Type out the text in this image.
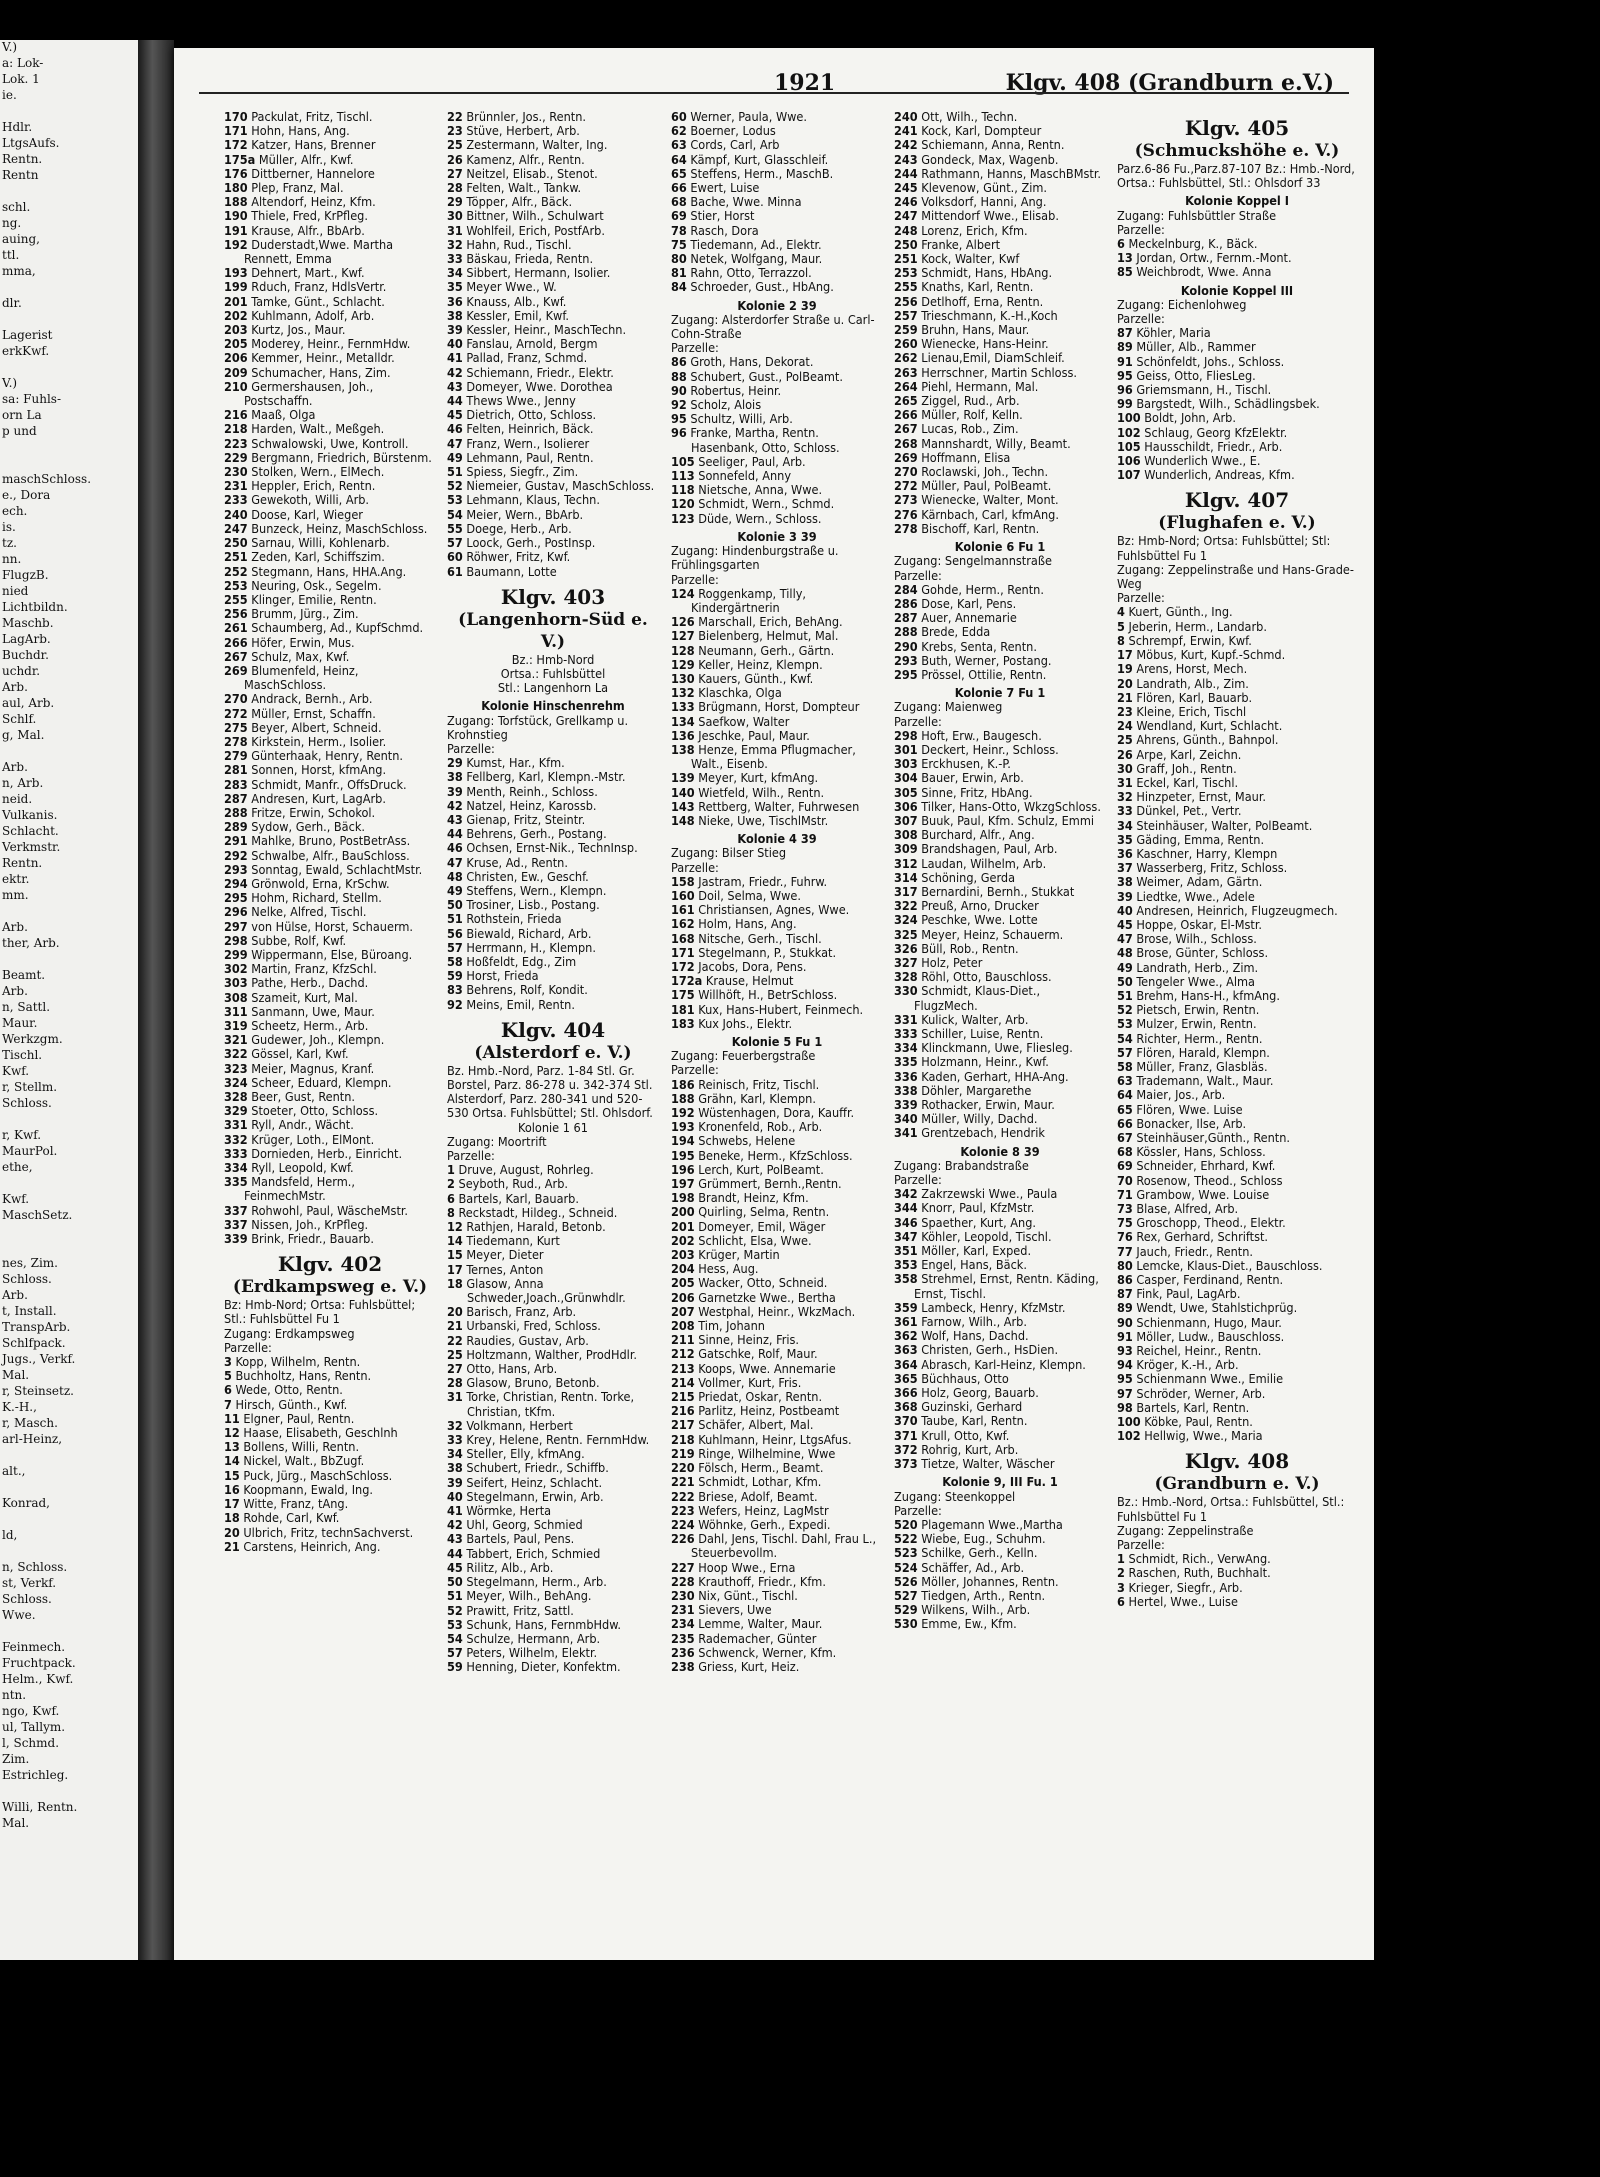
V.)
a: Lok-
Lok. 1
ie.
Hdlr.
LtgsAufs.
Rentn.
Rentn
schl.
ng.
auing,
ttl.
mma,
dlr.
Lagerist
erkKwf.
V.)
sa: Fuhls-
orn La
p und
maschSchloss.
e., Dora
ech.
is.
tz.
nn.
FlugzB.
nied
Lichtbildn.
Maschb.
LagArb.
Buchdr.
uchdr.
Arb.
aul, Arb.
Schlf.
g, Mal.
Arb.
n, Arb.
neid.
Vulkanis.
Schlacht.
Verkmstr.
Rentn.
ektr.
mm.
Arb.
ther, Arb.
Beamt.
Arb.
n, Sattl.
Maur.
Werkzgm.
Tischl.
Kwf.
r, Stellm.
Schloss.
r, Kwf.
MaurPol.
ethe,
Kwf.
MaschSetz.
nes, Zim.
Schloss.
Arb.
t, Install.
TranspArb.
Schlfpack.
Jugs., Verkf.
Mal.
r, Steinsetz.
K.-H.,
r, Masch.
arl-Heinz,
alt.,
Konrad,
ld,
n, Schloss.
st, Verkf.
Schloss.
Wwe.
Feinmech.
Fruchtpack.
Helm., Kwf.
ntn.
ngo, Kwf.
ul, Tallym.
l, Schmd.
Zim.
Estrichleg.
Willi, Rentn.
Mal.
1921	Klgv. 408 (Grandburn e.V.)
170 Packulat, Fritz, Tischl.
171 Hohn, Hans, Ang.
172 Katzer, Hans, Brenner
175a Müller, Alfr., Kwf.
176 Dittberner, Hannelore
180 Plep, Franz, Mal.
188 Altendorf, Heinz, Kfm.
190 Thiele, Fred, KrPfleg.
191 Krause, Alfr., BbArb.
192 Duderstadt,Wwe. Martha Rennett, Emma
193 Dehnert, Mart., Kwf.
199 Rduch, Franz, HdlsVertr.
201 Tamke, Günt., Schlacht.
202 Kuhlmann, Adolf, Arb.
203 Kurtz, Jos., Maur.
205 Moderey, Heinr., FernmHdw.
206 Kemmer, Heinr., Metalldr.
209 Schumacher, Hans, Zim.
210 Germershausen, Joh., Postschaffn.
216 Maaß, Olga
218 Harden, Walt., Meßgeh.
223 Schwalowski, Uwe, Kontroll.
229 Bergmann, Friedrich, Bürstenm.
230 Stolken, Wern., ElMech.
231 Heppler, Erich, Rentn.
233 Gewekoth, Willi, Arb.
240 Doose, Karl, Wieger
247 Bunzeck, Heinz, MaschSchloss.
250 Sarnau, Willi, Kohlenarb.
251 Zeden, Karl, Schiffszim.
252 Stegmann, Hans, HHA.Ang.
253 Neuring, Osk., Segelm.
255 Klinger, Emilie, Rentn.
256 Brumm, Jürg., Zim.
261 Schaumberg, Ad., KupfSchmd.
266 Höfer, Erwin, Mus.
267 Schulz, Max, Kwf.
269 Blumenfeld, Heinz, MaschSchloss.
270 Andrack, Bernh., Arb.
272 Müller, Ernst, Schaffn.
275 Beyer, Albert, Schneid.
278 Kirkstein, Herm., Isolier.
279 Günterhaak, Henry, Rentn.
281 Sonnen, Horst, kfmAng.
283 Schmidt, Manfr., OffsDruck.
287 Andresen, Kurt, LagArb.
288 Fritze, Erwin, Schokol.
289 Sydow, Gerh., Bäck.
291 Mahlke, Bruno, PostBetrAss.
292 Schwalbe, Alfr., BauSchloss.
293 Sonntag, Ewald, SchlachtMstr.
294 Grönwold, Erna, KrSchw.
295 Hohm, Richard, Stellm.
296 Nelke, Alfred, Tischl.
297 von Hülse, Horst, Schauerm.
298 Subbe, Rolf, Kwf.
299 Wippermann, Else, Büroang.
302 Martin, Franz, KfzSchl.
303 Pathe, Herb., Dachd.
308 Szameit, Kurt, Mal.
311 Sanmann, Uwe, Maur.
319 Scheetz, Herm., Arb.
321 Gudewer, Joh., Klempn.
322 Gössel, Karl, Kwf.
323 Meier, Magnus, Kranf.
324 Scheer, Eduard, Klempn.
328 Beer, Gust, Rentn.
329 Stoeter, Otto, Schloss.
331 Ryll, Andr., Wächt.
332 Krüger, Loth., ElMont.
333 Dornieden, Herb., Einricht.
334 Ryll, Leopold, Kwf.
335 Mandsfeld, Herm., FeinmechMstr.
337 Rohwohl, Paul, WäscheMstr.
337 Nissen, Joh., KrPfleg.
339 Brink, Friedr., Bauarb.
Klgv. 402
(Erdkampsweg e. V.)
Bz: Hmb-Nord; Ortsa: Fuhlsbüttel; Stl.: Fuhlsbüttel Fu 1
Zugang: Erdkampsweg
Parzelle:
3 Kopp, Wilhelm, Rentn.
5 Buchholtz, Hans, Rentn.
6 Wede, Otto, Rentn.
7 Hirsch, Günth., Kwf.
11 Elgner, Paul, Rentn.
12 Haase, Elisabeth, Geschlnh
13 Bollens, Willi, Rentn.
14 Nickel, Walt., BbZugf.
15 Puck, Jürg., MaschSchloss.
16 Koopmann, Ewald, Ing.
17 Witte, Franz, tAng.
18 Rohde, Carl, Kwf.
20 Ulbrich, Fritz, technSachverst.
21 Carstens, Heinrich, Ang.
22 Brünnler, Jos., Rentn.
23 Stüve, Herbert, Arb.
25 Zestermann, Walter, Ing.
26 Kamenz, Alfr., Rentn.
27 Neitzel, Elisab., Stenot.
28 Felten, Walt., Tankw.
29 Töpper, Alfr., Bäck.
30 Bittner, Wilh., Schulwart
31 Wohlfeil, Erich, PostfArb.
32 Hahn, Rud., Tischl.
33 Bäskau, Frieda, Rentn.
34 Sibbert, Hermann, Isolier.
35 Meyer Wwe., W.
36 Knauss, Alb., Kwf.
38 Kessler, Emil, Kwf.
39 Kessler, Heinr., MaschTechn.
40 Fanslau, Arnold, Bergm
41 Pallad, Franz, Schmd.
42 Schiemann, Friedr., Elektr.
43 Domeyer, Wwe. Dorothea
44 Thews Wwe., Jenny
45 Dietrich, Otto, Schloss.
46 Felten, Heinrich, Bäck.
47 Franz, Wern., Isolierer
49 Lehmann, Paul, Rentn.
51 Spiess, Siegfr., Zim.
52 Niemeier, Gustav, MaschSchloss.
53 Lehmann, Klaus, Techn.
54 Meier, Wern., BbArb.
55 Doege, Herb., Arb.
57 Loock, Gerh., PostInsp.
60 Röhwer, Fritz, Kwf.
61 Baumann, Lotte
Klgv. 403
(Langenhorn-Süd e. V.)
Bz.: Hmb-Nord
Ortsa.: Fuhlsbüttel
Stl.: Langenhorn La
Kolonie Hinschenrehm
Zugang: Torfstück, Grellkamp u. Krohnstieg
Parzelle:
29 Kumst, Har., Kfm.
38 Fellberg, Karl, Klempn.-Mstr.
39 Menth, Reinh., Schloss.
42 Natzel, Heinz, Karossb.
43 Gienap, Fritz, Steintr.
44 Behrens, Gerh., Postang.
46 Ochsen, Ernst-Nik., TechnInsp.
47 Kruse, Ad., Rentn.
48 Christen, Ew., Geschf.
49 Steffens, Wern., Klempn.
50 Trosiner, Lisb., Postang.
51 Rothstein, Frieda
56 Biewald, Richard, Arb.
57 Herrmann, H., Klempn.
58 Hoßfeldt, Edg., Zim
59 Horst, Frieda
83 Behrens, Rolf, Kondit.
92 Meins, Emil, Rentn.
Klgv. 404
(Alsterdorf e. V.)
Bz. Hmb.-Nord, Parz. 1-84 Stl. Gr. Borstel, Parz. 86-278 u. 342-374 Stl. Alsterdorf, Parz. 280-341 und 520-530 Ortsa. Fuhlsbüttel; Stl. Ohlsdorf.
Kolonie 1 61
Zugang: Moortrift
Parzelle:
1 Druve, August, Rohrleg.
2 Seyboth, Rud., Arb.
6 Bartels, Karl, Bauarb.
8 Reckstadt, Hildeg., Schneid.
12 Rathjen, Harald, Betonb.
14 Tiedemann, Kurt
15 Meyer, Dieter
17 Ternes, Anton
18 Glasow, Anna Schweder,Joach.,Grünwhdlr.
20 Barisch, Franz, Arb.
21 Urbanski, Fred, Schloss.
22 Raudies, Gustav, Arb.
25 Holtzmann, Walther, ProdHdlr.
27 Otto, Hans, Arb.
28 Glasow, Bruno, Betonb.
31 Torke, Christian, Rentn. Torke, Christian, tKfm.
32 Volkmann, Herbert
33 Krey, Helene, Rentn. FernmHdw.
34 Steller, Elly, kfmAng.
38 Schubert, Friedr., Schiffb.
39 Seifert, Heinz, Schlacht.
40 Stegelmann, Erwin, Arb.
41 Wörmke, Herta
42 Uhl, Georg, Schmied
43 Bartels, Paul, Pens.
44 Tabbert, Erich, Schmied
45 Rilitz, Alb., Arb.
50 Stegelmann, Herm., Arb.
51 Meyer, Wilh., BehAng.
52 Prawitt, Fritz, Sattl.
53 Schunk, Hans, FernmbHdw.
54 Schulze, Hermann, Arb.
57 Peters, Wilhelm, Elektr.
59 Henning, Dieter, Konfektm.
60 Werner, Paula, Wwe.
62 Boerner, Lodus
63 Cords, Carl, Arb
64 Kämpf, Kurt, Glasschleif.
65 Steffens, Herm., MaschB.
66 Ewert, Luise
68 Bache, Wwe. Minna
69 Stier, Horst
78 Rasch, Dora
75 Tiedemann, Ad., Elektr.
80 Netek, Wolfgang, Maur.
81 Rahn, Otto, Terrazzol.
84 Schroeder, Gust., HbAng.
Kolonie 2 39
Zugang: Alsterdorfer Straße u. Carl-Cohn-Straße
Parzelle:
86 Groth, Hans, Dekorat.
88 Schubert, Gust., PolBeamt.
90 Robertus, Heinr.
92 Scholz, Alois
95 Schultz, Willi, Arb.
96 Franke, Martha, Rentn. Hasenbank, Otto, Schloss.
105 Seeliger, Paul, Arb.
113 Sonnefeld, Anny
118 Nietsche, Anna, Wwe.
120 Schmidt, Wern., Schmd.
123 Düde, Wern., Schloss.
Kolonie 3 39
Zugang: Hindenburgstraße u. Frühlingsgarten
Parzelle:
124 Roggenkamp, Tilly, Kindergärtnerin
126 Marschall, Erich, BehAng.
127 Bielenberg, Helmut, Mal.
128 Neumann, Gerh., Gärtn.
129 Keller, Heinz, Klempn.
130 Kauers, Günth., Kwf.
132 Klaschka, Olga
133 Brügmann, Horst, Dompteur
134 Saefkow, Walter
136 Jeschke, Paul, Maur.
138 Henze, Emma Pflugmacher, Walt., Eisenb.
139 Meyer, Kurt, kfmAng.
140 Wietfeld, Wilh., Rentn.
143 Rettberg, Walter, Fuhrwesen
148 Nieke, Uwe, TischlMstr.
Kolonie 4 39
Zugang: Bilser Stieg
Parzelle:
158 Jastram, Friedr., Fuhrw.
160 Doil, Selma, Wwe.
161 Christiansen, Agnes, Wwe.
162 Holm, Hans, Ang.
168 Nitsche, Gerh., Tischl.
171 Stegelmann, P., Stukkat.
172 Jacobs, Dora, Pens.
172a Krause, Helmut
175 Willhöft, H., BetrSchloss.
181 Kux, Hans-Hubert, Feinmech.
183 Kux Johs., Elektr.
Kolonie 5 Fu 1
Zugang: Feuerbergstraße
Parzelle:
186 Reinisch, Fritz, Tischl.
188 Grähn, Karl, Klempn.
192 Wüstenhagen, Dora, Kauffr.
193 Kronenfeld, Rob., Arb.
194 Schwebs, Helene
195 Beneke, Herm., KfzSchloss.
196 Lerch, Kurt, PolBeamt.
197 Grümmert, Bernh.,Rentn.
198 Brandt, Heinz, Kfm.
200 Quirling, Selma, Rentn.
201 Domeyer, Emil, Wäger
202 Schlicht, Elsa, Wwe.
203 Krüger, Martin
204 Hess, Aug.
205 Wacker, Otto, Schneid.
206 Garnetzke Wwe., Bertha
207 Westphal, Heinr., WkzMach.
208 Tim, Johann
211 Sinne, Heinz, Fris.
212 Gatschke, Rolf, Maur.
213 Koops, Wwe. Annemarie
214 Vollmer, Kurt, Fris.
215 Priedat, Oskar, Rentn.
216 Parlitz, Heinz, Postbeamt
217 Schäfer, Albert, Mal.
218 Kuhlmann, Heinr, LtgsAfus.
219 Ringe, Wilhelmine, Wwe
220 Fölsch, Herm., Beamt.
221 Schmidt, Lothar, Kfm.
222 Briese, Adolf, Beamt.
223 Wefers, Heinz, LagMstr
224 Wöhnke, Gerh., Expedi.
226 Dahl, Jens, Tischl. Dahl, Frau L., Steuerbevollm.
227 Hoop Wwe., Erna
228 Krauthoff, Friedr., Kfm.
230 Nix, Günt., Tischl.
231 Sievers, Uwe
234 Lemme, Walter, Maur.
235 Rademacher, Günter
236 Schwenck, Werner, Kfm.
238 Griess, Kurt, Heiz.
240 Ott, Wilh., Techn.
241 Kock, Karl, Dompteur
242 Schiemann, Anna, Rentn.
243 Gondeck, Max, Wagenb.
244 Rathmann, Hanns, MaschBMstr.
245 Klevenow, Günt., Zim.
246 Volksdorf, Hanni, Ang.
247 Mittendorf Wwe., Elisab.
248 Lorenz, Erich, Kfm.
250 Franke, Albert
251 Kock, Walter, Kwf
253 Schmidt, Hans, HbAng.
255 Knaths, Karl, Rentn.
256 Detlhoff, Erna, Rentn.
257 Trieschmann, K.-H.,Koch
259 Bruhn, Hans, Maur.
260 Wienecke, Hans-Heinr.
262 Lienau,Emil, DiamSchleif.
263 Herrschner, Martin Schloss.
264 Piehl, Hermann, Mal.
265 Ziggel, Rud., Arb.
266 Müller, Rolf, Kelln.
267 Lucas, Rob., Zim.
268 Mannshardt, Willy, Beamt.
269 Hoffmann, Elisa
270 Roclawski, Joh., Techn.
272 Müller, Paul, PolBeamt.
273 Wienecke, Walter, Mont.
276 Kärnbach, Carl, kfmAng.
278 Bischoff, Karl, Rentn.
Kolonie 6 Fu 1
Zugang: Sengelmannstraße
Parzelle:
284 Gohde, Herm., Rentn.
286 Dose, Karl, Pens.
287 Auer, Annemarie
288 Brede, Edda
290 Krebs, Senta, Rentn.
293 Buth, Werner, Postang.
295 Prössel, Ottilie, Rentn.
Kolonie 7 Fu 1
Zugang: Maienweg
Parzelle:
298 Hoft, Erw., Baugesch.
301 Deckert, Heinr., Schloss.
303 Erckhusen, K.-P.
304 Bauer, Erwin, Arb.
305 Sinne, Fritz, HbAng.
306 Tilker, Hans-Otto, WkzgSchloss.
307 Buuk, Paul, Kfm. Schulz, Emmi
308 Burchard, Alfr., Ang.
309 Brandshagen, Paul, Arb.
312 Laudan, Wilhelm, Arb.
314 Schöning, Gerda
317 Bernardini, Bernh., Stukkat
322 Preuß, Arno, Drucker
324 Peschke, Wwe. Lotte
325 Meyer, Heinz, Schauerm.
326 Büll, Rob., Rentn.
327 Holz, Peter
328 Röhl, Otto, Bauschloss.
330 Schmidt, Klaus-Diet., FlugzMech.
331 Kulick, Walter, Arb.
333 Schiller, Luise, Rentn.
334 Klinckmann, Uwe, Fliesleg.
335 Holzmann, Heinr., Kwf.
336 Kaden, Gerhart, HHA-Ang.
338 Döhler, Margarethe
339 Rothacker, Erwin, Maur.
340 Müller, Willy, Dachd.
341 Grentzebach, Hendrik
Kolonie 8 39
Zugang: Brabandstraße
Parzelle:
342 Zakrzewski Wwe., Paula
344 Knorr, Paul, KfzMstr.
346 Spaether, Kurt, Ang.
347 Köhler, Leopold, Tischl.
351 Möller, Karl, Exped.
353 Engel, Hans, Bäck.
358 Strehmel, Ernst, Rentn. Käding, Ernst, Tischl.
359 Lambeck, Henry, KfzMstr.
361 Farnow, Wilh., Arb.
362 Wolf, Hans, Dachd.
363 Christen, Gerh., HsDien.
364 Abrasch, Karl-Heinz, Klempn.
365 Büchhaus, Otto
366 Holz, Georg, Bauarb.
368 Guzinski, Gerhard
370 Taube, Karl, Rentn.
371 Krull, Otto, Kwf.
372 Rohrig, Kurt, Arb.
373 Tietze, Walter, Wäscher
Kolonie 9, III Fu. 1
Zugang: Steenkoppel
Parzelle:
520 Plagemann Wwe.,Martha
522 Wiebe, Eug., Schuhm.
523 Schilke, Gerh., Kelln.
524 Schäffer, Ad., Arb.
526 Möller, Johannes, Rentn.
527 Tiedgen, Arth., Rentn.
529 Wilkens, Wilh., Arb.
530 Emme, Ew., Kfm.
Klgv. 405
(Schmuckshöhe e. V.)
Parz.6-86 Fu.,Parz.87-107 Bz.: Hmb.-Nord, Ortsa.: Fuhlsbüttel, Stl.: Ohlsdorf 33
Kolonie Koppel I
Zugang: Fuhlsbüttler Straße
Parzelle:
6 Meckelnburg, K., Bäck.
13 Jordan, Ortw., Fernm.-Mont.
85 Weichbrodt, Wwe. Anna
Kolonie Koppel III
Zugang: Eichenlohweg
Parzelle:
87 Köhler, Maria
89 Müller, Alb., Rammer
91 Schönfeldt, Johs., Schloss.
95 Geiss, Otto, FliesLeg.
96 Griemsmann, H., Tischl.
99 Bargstedt, Wilh., Schädlingsbek.
100 Boldt, John, Arb.
102 Schlaug, Georg KfzElektr.
105 Hausschildt, Friedr., Arb.
106 Wunderlich Wwe., E.
107 Wunderlich, Andreas, Kfm.
Klgv. 407
(Flughafen e. V.)
Bz: Hmb-Nord; Ortsa: Fuhlsbüttel; Stl: Fuhlsbüttel Fu 1
Zugang: Zeppelinstraße und Hans-Grade-Weg
Parzelle:
4 Kuert, Günth., Ing.
5 Jeberin, Herm., Landarb.
8 Schrempf, Erwin, Kwf.
17 Möbus, Kurt, Kupf.-Schmd.
19 Arens, Horst, Mech.
20 Landrath, Alb., Zim.
21 Flören, Karl, Bauarb.
23 Kleine, Erich, Tischl
24 Wendland, Kurt, Schlacht.
25 Ahrens, Günth., Bahnpol.
26 Arpe, Karl, Zeichn.
30 Graff, Joh., Rentn.
31 Eckel, Karl, Tischl.
32 Hinzpeter, Ernst, Maur.
33 Dünkel, Pet., Vertr.
34 Steinhäuser, Walter, PolBeamt.
35 Gäding, Emma, Rentn.
36 Kaschner, Harry, Klempn
37 Wasserberg, Fritz, Schloss.
38 Weimer, Adam, Gärtn.
39 Liedtke, Wwe., Adele
40 Andresen, Heinrich, Flugzeugmech.
45 Hoppe, Oskar, El-Mstr.
47 Brose, Wilh., Schloss.
48 Brose, Günter, Schloss.
49 Landrath, Herb., Zim.
50 Tengeler Wwe., Alma
51 Brehm, Hans-H., kfmAng.
52 Pietsch, Erwin, Rentn.
53 Mulzer, Erwin, Rentn.
54 Richter, Herm., Rentn.
57 Flören, Harald, Klempn.
58 Müller, Franz, Glasbläs.
63 Trademann, Walt., Maur.
64 Maier, Jos., Arb.
65 Flören, Wwe. Luise
66 Bonacker, Ilse, Arb.
67 Steinhäuser,Günth., Rentn.
68 Kössler, Hans, Schloss.
69 Schneider, Ehrhard, Kwf.
70 Rosenow, Theod., Schloss
71 Grambow, Wwe. Louise
73 Blase, Alfred, Arb.
75 Groschopp, Theod., Elektr.
76 Rex, Gerhard, Schriftst.
77 Jauch, Friedr., Rentn.
80 Lemcke, Klaus-Diet., Bauschloss.
86 Casper, Ferdinand, Rentn.
87 Fink, Paul, LagArb.
89 Wendt, Uwe, Stahlstichprüg.
90 Schienmann, Hugo, Maur.
91 Möller, Ludw., Bauschloss.
93 Reichel, Heinr., Rentn.
94 Kröger, K.-H., Arb.
95 Schienmann Wwe., Emilie
97 Schröder, Werner, Arb.
98 Bartels, Karl, Rentn.
100 Köbke, Paul, Rentn.
102 Hellwig, Wwe., Maria
Klgv. 408
(Grandburn e. V.)
Bz.: Hmb.-Nord, Ortsa.: Fuhlsbüttel, Stl.: Fuhlsbüttel Fu 1
Zugang: Zeppelinstraße
Parzelle:
1 Schmidt, Rich., VerwAng.
2 Raschen, Ruth, Buchhalt.
3 Krieger, Siegfr., Arb.
6 Hertel, Wwe., Luise
